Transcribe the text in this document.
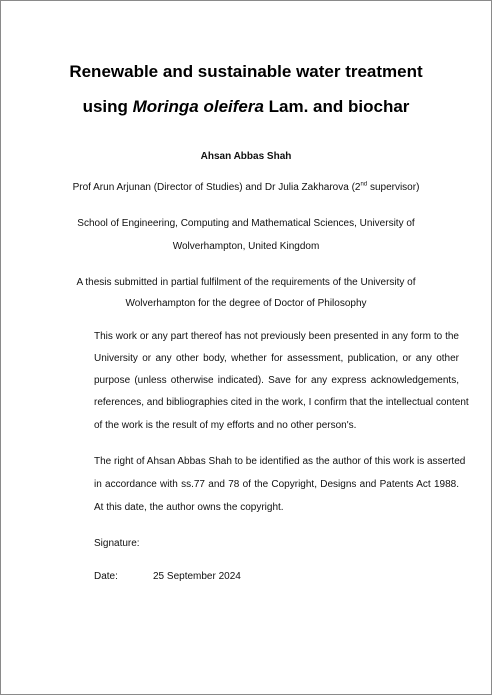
Renewable and sustainable water treatment
using Moringa oleifera Lam. and biochar
Ahsan Abbas Shah
Prof Arun Arjunan (Director of Studies) and Dr Julia Zakharova (2nd supervisor)
School of Engineering, Computing and Mathematical Sciences, University of
Wolverhampton, United Kingdom
A thesis submitted in partial fulfilment of the requirements of the University of
Wolverhampton for the degree of Doctor of Philosophy
This work or any part thereof has not previously been presented in any form to the
University or any other body, whether for assessment, publication, or any other
purpose (unless otherwise indicated). Save for any express acknowledgements,
references, and bibliographies cited in the work, I confirm that the intellectual content
of the work is the result of my efforts and no other person's.
The right of Ahsan Abbas Shah to be identified as the author of this work is asserted
in accordance with ss.77 and 78 of the Copyright, Designs and Patents Act 1988.
At this date, the author owns the copyright.
Signature:
Date:	25 September 2024
